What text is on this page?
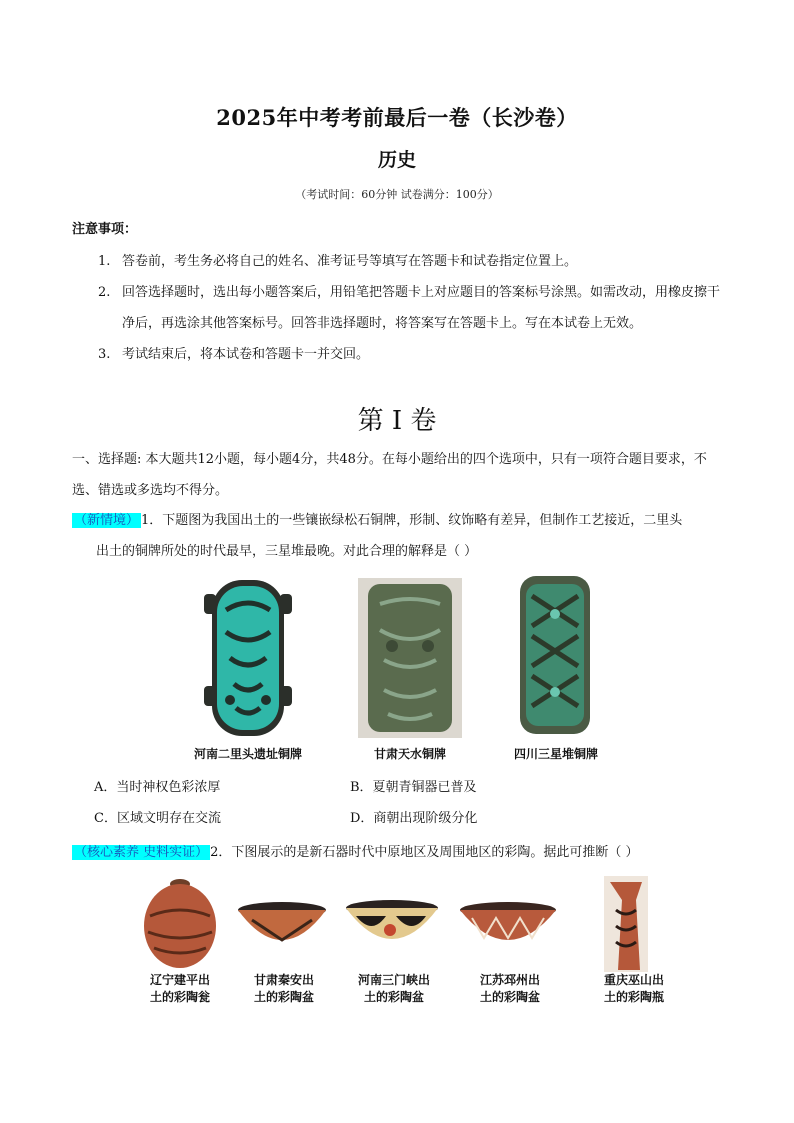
2025年中考考前最后一卷（长沙卷）
历史
（考试时间：60分钟 试卷满分：100分）
注意事项：
1. 答卷前，考生务必将自己的姓名、准考证号等填写在答题卡和试卷指定位置上。
2. 回答选择题时，选出每小题答案后，用铅笔把答题卡上对应题目的答案标号涂黑。如需改动，用橡皮擦干净后，再选涂其他答案标号。回答非选择题时，将答案写在答题卡上。写在本试卷上无效。
3. 考试结束后，将本试卷和答题卡一并交回。
第 I 卷
一、选择题: 本大题共12小题，每小题4分，共48分。在每小题给出的四个选项中，只有一项符合题目要求，不选、错选或多选均不得分。
（新情境） 1．下题图为我国出土的一些镶嵌绿松石铜牌，形制、纹饰略有差异，但制作工艺接近，二里头
出土的铜牌所处的时代最早，三星堆最晚。对此合理的解释是（ ）
河南二里头遗址铜牌	甘肃天水铜牌	四川三星堆铜牌
A．当时神权色彩浓厚	B．夏朝青铜器已普及
C．区域文明存在交流	D．商朝出现阶级分化
（核心素养 史料实证） 2．下图展示的是新石器时代中原地区及周围地区的彩陶。据此可推断（ ）
辽宁建平出
土的彩陶瓮
甘肃秦安出
土的彩陶盆
河南三门峡出
土的彩陶盆
江苏邳州出
土的彩陶盆
重庆巫山出
土的彩陶瓶
